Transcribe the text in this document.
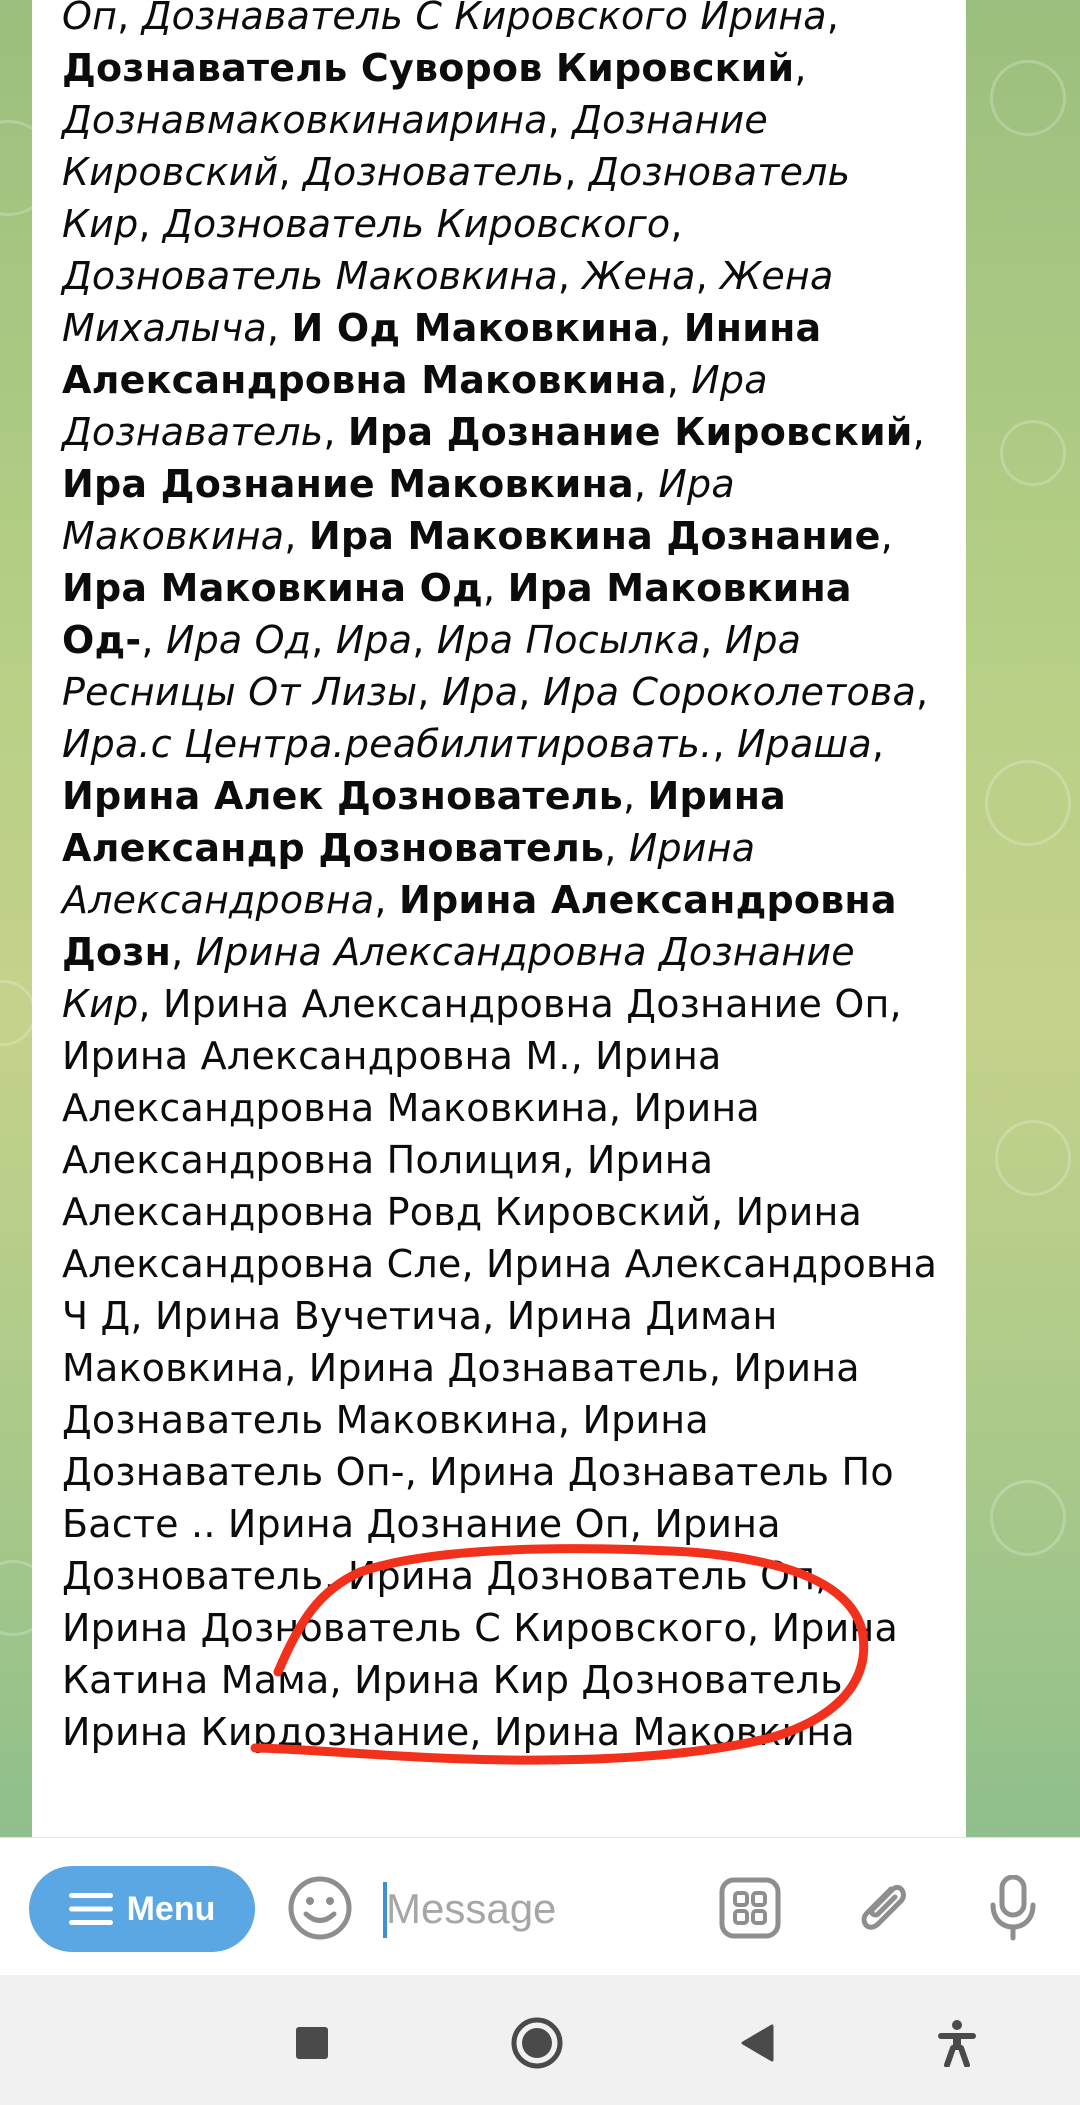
Оп, Дознаватель С Кировского Ирина, Дознаватель Суворов Кировский, Дознавмаковкинаирина, Дознание Кировский, Дознователь, Дознователь Кир, Дознователь Кировского, Дознователь Маковкина, Жена, Жена Михалыча, И Од Маковкина, Инина Александровна Маковкина, Ира Дознаватель, Ира Дознание Кировский, Ира Дознание Маковкина, Ира Маковкина, Ира Маковкина Дознание, Ира Маковкина Од, Ира Маковкина Од-, Ира Од, Ира, Ира Посылка, Ира Ресницы От Лизы, Ира, Ира Сороколетова, Ира.с Центра.реабилитировать., Ираша, Ирина Алек Дознователь, Ирина Александр Дознователь, Ирина Александровна, Ирина Александровна Дозн, Ирина Александровна Дознание Кир, Ирина Александровна Дознание Оп, Ирина Александровна М., Ирина Александровна Маковкина, Ирина Александровна Полиция, Ирина Александровна Ровд Кировский, Ирина Александровна Сле, Ирина Александровна Ч Д, Ирина Вучетича, Ирина Диман Маковкина, Ирина Дознаватель, Ирина Дознаватель Маковкина, Ирина Дознаватель Оп-, Ирина Дознаватель По Басте .. Ирина Дознание Оп, Ирина Дознователь, Ирина Дознователь Оп, Ирина Дознователь С Кировского, Ирина Катина Мама, Ирина Кир Дознователь, Ирина Кирдознание, Ирина Маковкина
Menu
Message
